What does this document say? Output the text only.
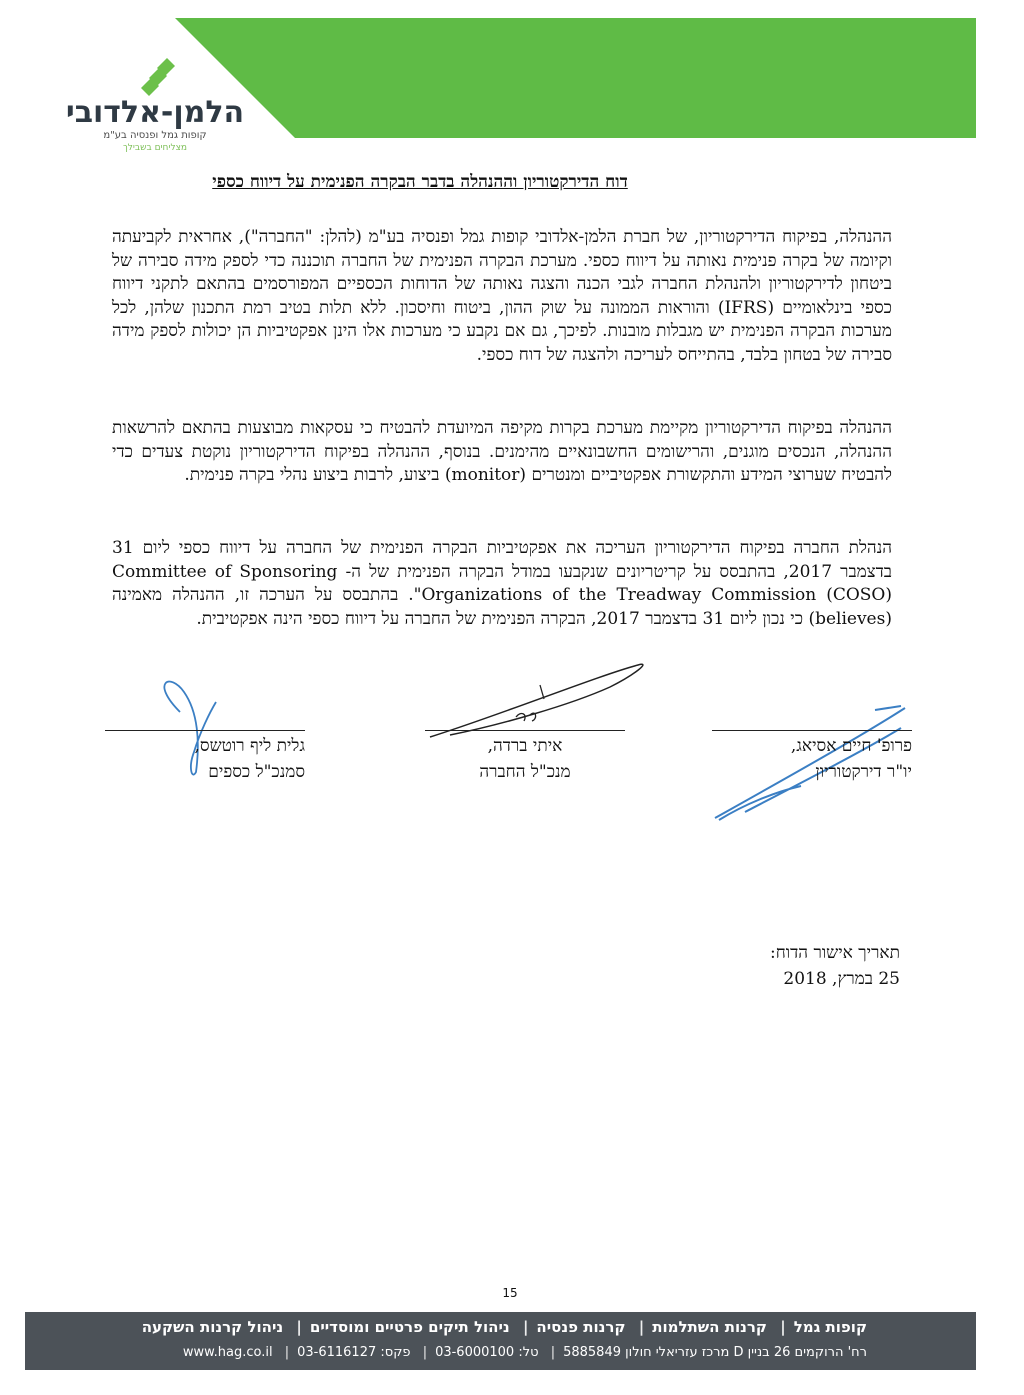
הלמן-אלדובי
קופות גמל ופנסיה בע"מ
מצליחים בשבילך
דוח הדירקטוריון וההנהלה בדבר הבקרה הפנימית על דיווח כספי
ההנהלה, בפיקוח הדירקטוריון, של חברת הלמן-אלדובי קופות גמל ופנסיה בע"מ (להלן: "החברה"), אחראית לקביעתה וקיומה של בקרה פנימית נאותה על דיווח כספי. מערכת הבקרה הפנימית של החברה תוכננה כדי לספק מידה סבירה של ביטחון לדירקטוריון ולהנהלת החברה לגבי הכנה והצגה נאותה של הדוחות הכספיים המפורסמים בהתאם לתקני דיווח כספי בינלאומיים (IFRS) והוראות הממונה על שוק ההון, ביטוח וחיסכון. ללא תלות בטיב רמת התכנון שלהן, לכל מערכות הבקרה הפנימית יש מגבלות מובנות. לפיכך, גם אם נקבע כי מערכות אלו הינן אפקטיביות הן יכולות לספק מידה סבירה של בטחון בלבד, בהתייחס לעריכה ולהצגה של דוח כספי.
ההנהלה בפיקוח הדירקטוריון מקיימת מערכת בקרות מקיפה המיועדת להבטיח כי עסקאות מבוצעות בהתאם להרשאות ההנהלה, הנכסים מוגנים, והרישומים החשבונאיים מהימנים. בנוסף, ההנהלה בפיקוח הדירקטוריון נוקטת צעדים כדי להבטיח שערוצי המידע והתקשורת אפקטיביים ומנטרים (monitor) ביצוע, לרבות ביצוע נהלי בקרה פנימית.
הנהלת החברה בפיקוח הדירקטוריון העריכה את אפקטיביות הבקרה הפנימית של החברה על דיווח כספי ליום 31 בדצמבר 2017, בהתבסס על קריטריונים שנקבעו במודל הבקרה הפנימית של ה- Committee of Sponsoring Organizations of the Treadway Commission (COSO)". בהתבסס על הערכה זו, ההנהלה מאמינה (believes) כי נכון ליום 31 בדצמבר 2017, הבקרה הפנימית של החברה על דיווח כספי הינה אפקטיבית.
פרופ' חיים אסיאג,
יו"ר דירקטוריון
איתי ברדה,
מנכ"ל החברה
גלית ליף רוטשס,
סמנכ"ל כספים
תאריך אישור הדוח:
25 במרץ, 2018
15
קופות גמל| קרנות השתלמות| קרנות פנסיה| ניהול תיקים פרטיים ומוסדיים| ניהול קרנות השקעה
רח' הרוקמים 26 בניין D מרכז עזריאלי חולון 5885849| טל: 03-6000100| פקס: 03-6116127| www.hag.co.il
